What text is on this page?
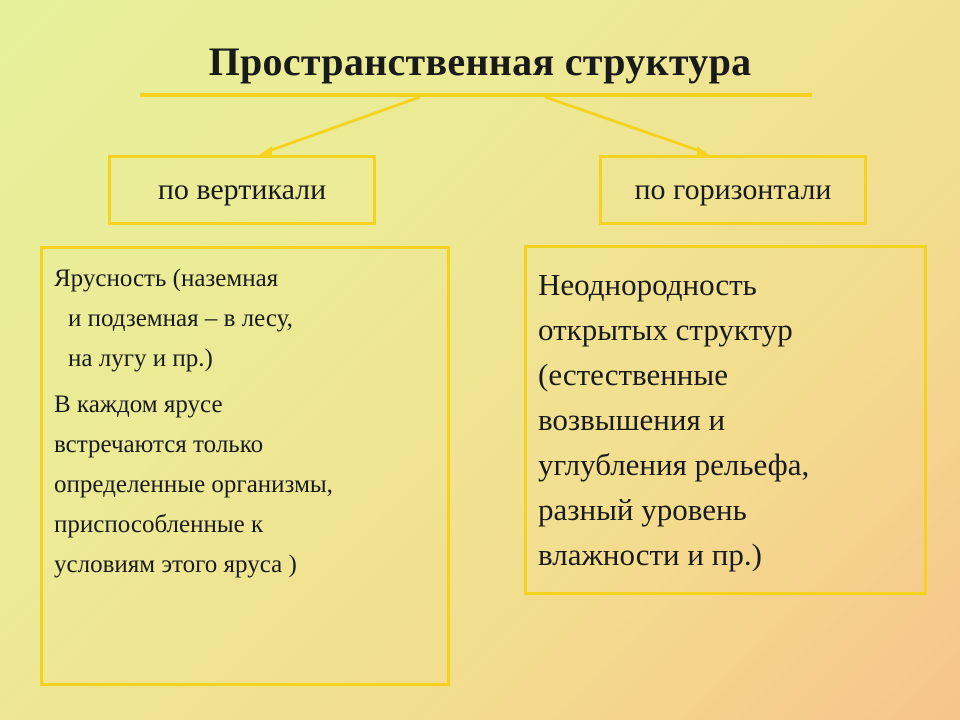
Пространственная структура
по вертикали	по горизонтали
Ярусность (наземная
и подземная – в лесу,
на лугу и пр.)
В каждом ярусе
встречаются только
определенные организмы,
приспособленные к
условиям этого яруса )
Неоднородность
открытых структур
(естественные
возвышения и
углубления рельефа,
разный уровень
влажности и пр.)
